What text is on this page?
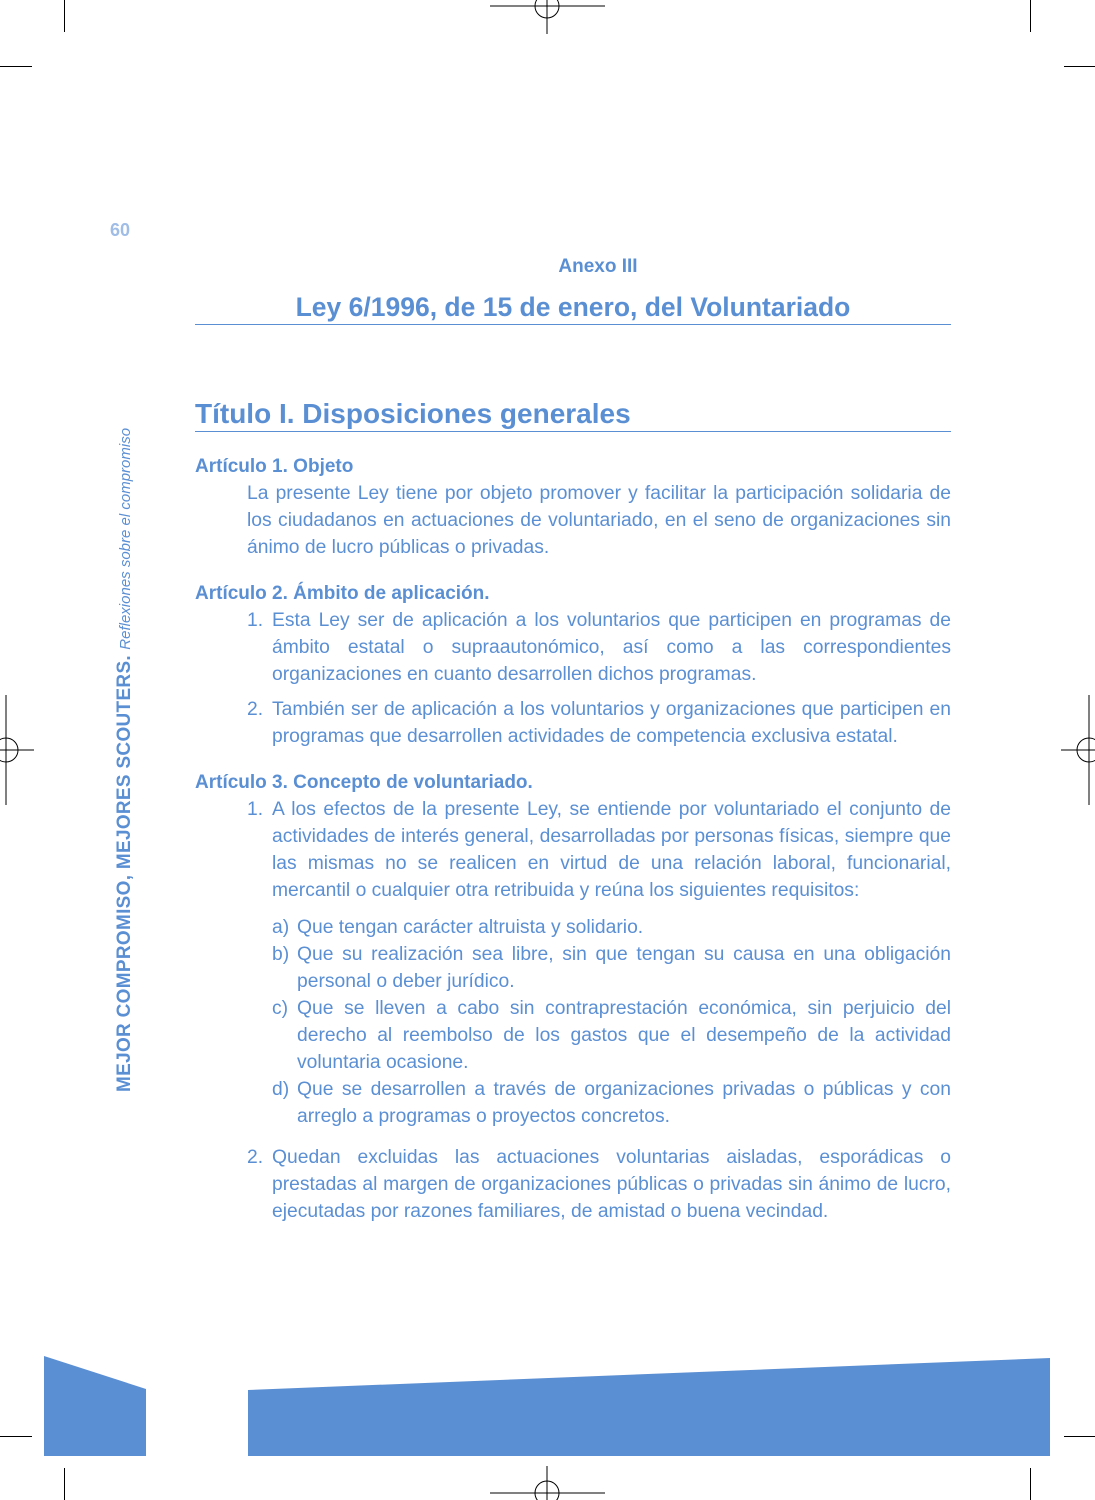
60
MEJOR COMPROMISO, MEJORES SCOUTERS. Reflexiones sobre el compromiso
Anexo III
Ley 6/1996, de 15 de enero, del Voluntariado
Título I. Disposiciones generales
Artículo 1. Objeto
La presente Ley tiene por objeto promover y facilitar la participación solidaria de los ciudadanos en actuaciones de voluntariado, en el seno de organizaciones sin ánimo de lucro públicas o privadas.
Artículo 2. Ámbito de aplicación.
1. Esta Ley ser de aplicación a los voluntarios que participen en programas de ámbito estatal o supraautonómico, así como a las correspondientes organizaciones en cuanto desarrollen dichos programas.
2. También ser de aplicación a los voluntarios y organizaciones que participen en programas que desarrollen actividades de competencia exclusiva estatal.
Artículo 3. Concepto de voluntariado.
1. A los efectos de la presente Ley, se entiende por voluntariado el conjunto de actividades de interés general, desarrolladas por personas físicas, siempre que las mismas no se realicen en virtud de una relación laboral, funcionarial, mercantil o cualquier otra retribuida y reúna los siguientes requisitos:
a) Que tengan carácter altruista y solidario.
b) Que su realización sea libre, sin que tengan su causa en una obligación personal o deber jurídico.
c) Que se lleven a cabo sin contraprestación económica, sin perjuicio del derecho al reembolso de los gastos que el desempeño de la actividad voluntaria ocasione.
d) Que se desarrollen a través de organizaciones privadas o públicas y con arreglo a programas o proyectos concretos.
2. Quedan excluidas las actuaciones voluntarias aisladas, esporádicas o prestadas al margen de organizaciones públicas o privadas sin ánimo de lucro, ejecutadas por razones familiares, de amistad o buena vecindad.
